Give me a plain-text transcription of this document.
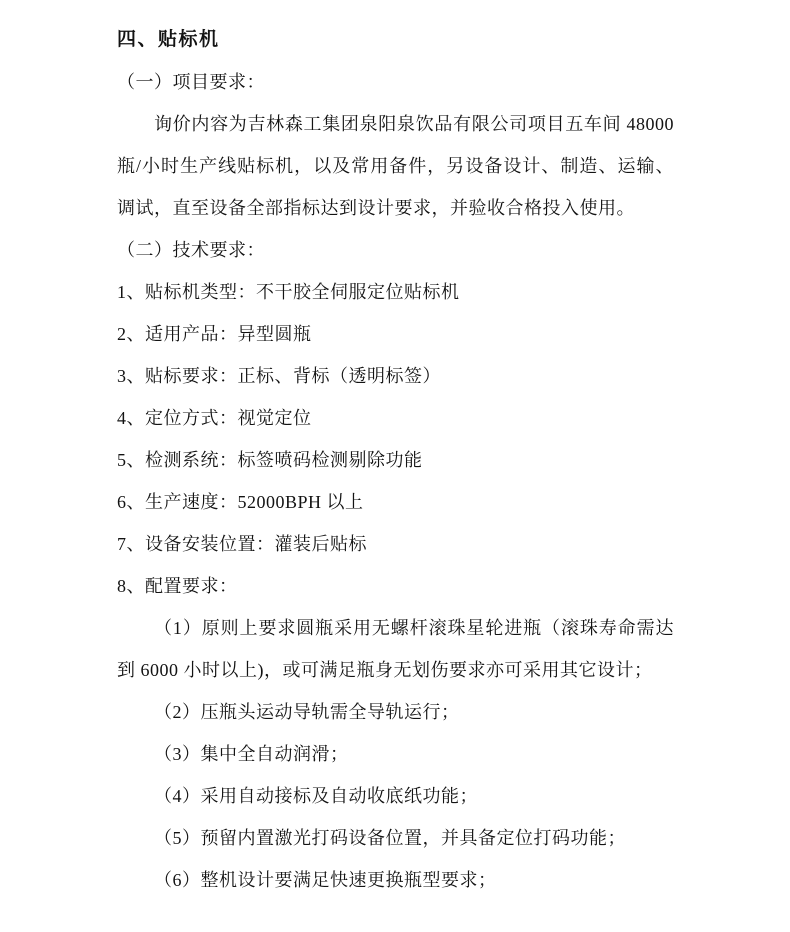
四、贴标机

（一）项目要求：

询价内容为吉林森工集团泉阳泉饮品有限公司项目五车间 48000 瓶/小时生产线贴标机，以及常用备件，另设备设计、制造、运输、调试，直至设备全部指标达到设计要求，并验收合格投入使用。

（二）技术要求：

1、贴标机类型：不干胶全伺服定位贴标机

2、适用产品：异型圆瓶

3、贴标要求：正标、背标（透明标签）

4、定位方式：视觉定位

5、检测系统：标签喷码检测剔除功能

6、生产速度：52000BPH 以上

7、设备安装位置：灌装后贴标

8、配置要求：

（1）原则上要求圆瓶采用无螺杆滚珠星轮进瓶（滚珠寿命需达到 6000 小时以上)，或可满足瓶身无划伤要求亦可采用其它设计；

（2）压瓶头运动导轨需全导轨运行；

（3）集中全自动润滑；

（4）采用自动接标及自动收底纸功能；

（5）预留内置激光打码设备位置，并具备定位打码功能；

（6）整机设计要满足快速更换瓶型要求；
